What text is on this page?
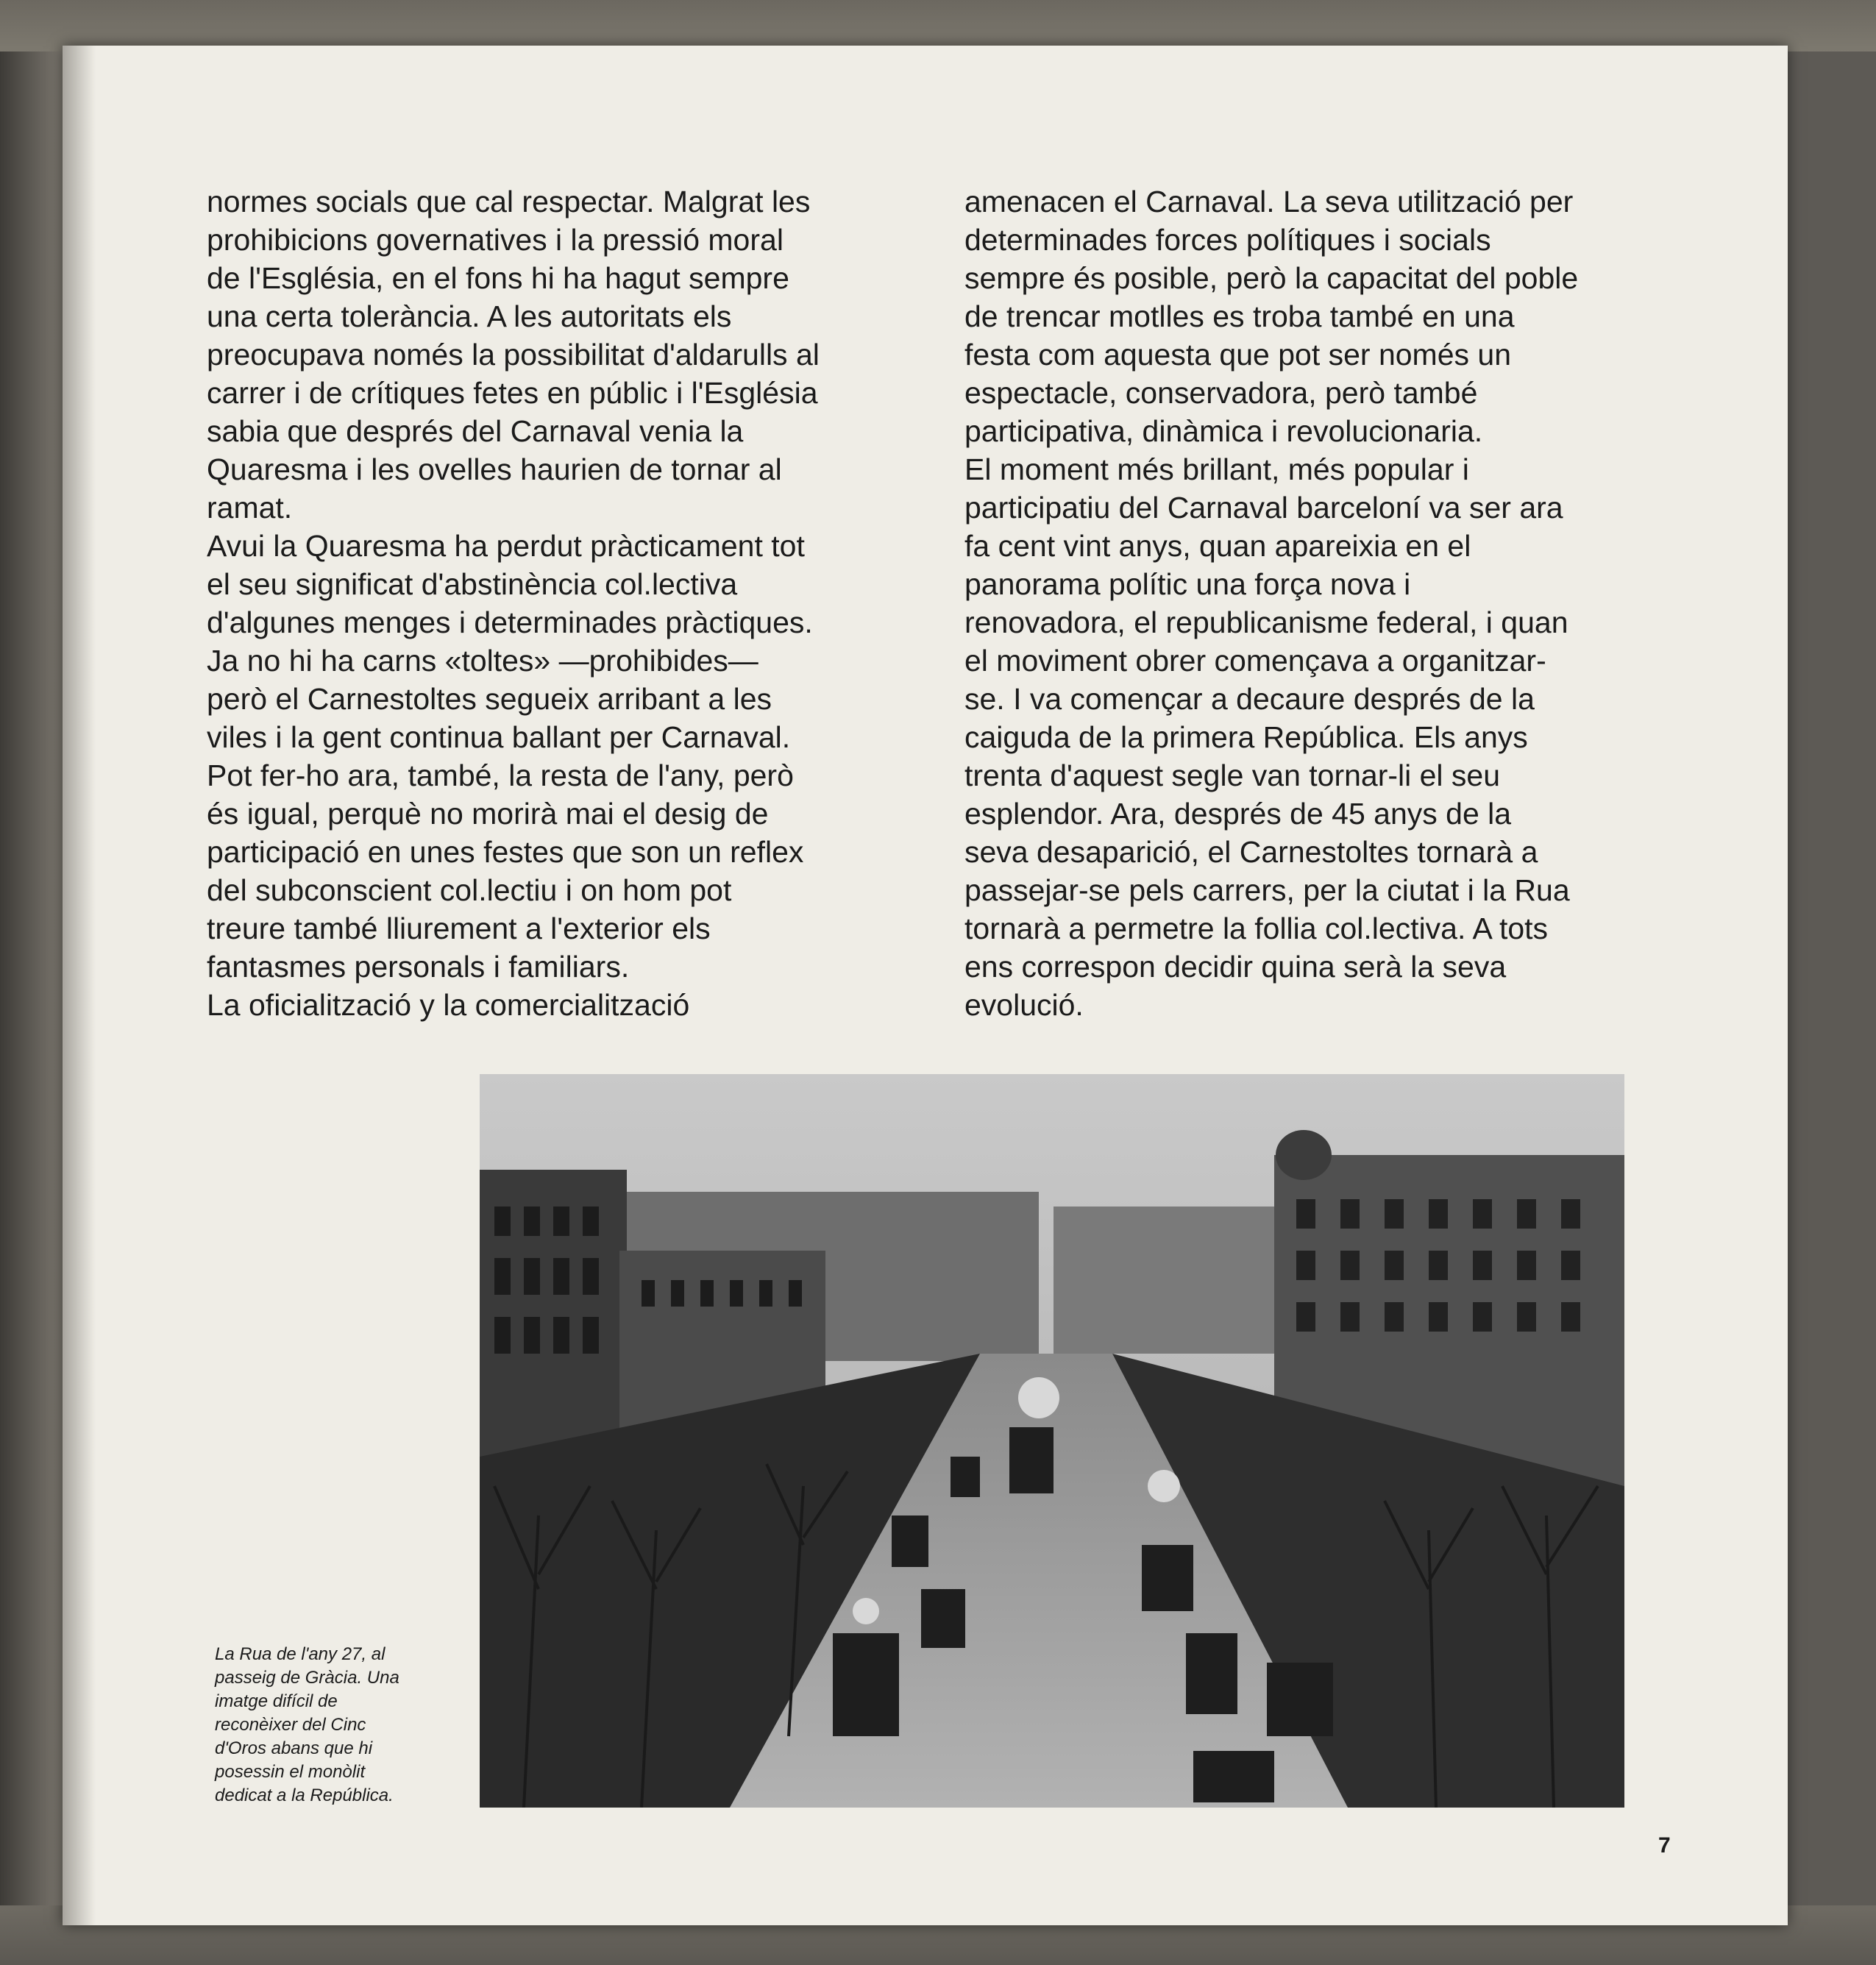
normes socials que cal respectar. Malgrat les
prohibicions governatives i la pressió moral
de l'Església, en el fons hi ha hagut sempre
una certa tolerància. A les autoritats els
preocupava només la possibilitat d'aldarulls al
carrer i de crítiques fetes en públic i l'Església
sabia que després del Carnaval venia la
Quaresma i les ovelles haurien de tornar al
ramat.

Avui la Quaresma ha perdut pràcticament tot
el seu significat d'abstinència col.lectiva
d'algunes menges i determinades pràctiques.
Ja no hi ha carns «toltes» —prohibides—
però el Carnestoltes segueix arribant a les
viles i la gent continua ballant per Carnaval.
Pot fer-ho ara, també, la resta de l'any, però
és igual, perquè no morirà mai el desig de
participació en unes festes que son un reflex
del subconscient col.lectiu i on hom pot
treure també lliurement a l'exterior els
fantasmes personals i familiars.

La oficialització y la comercialització

amenacen el Carnaval. La seva utilització per
determinades forces polítiques i socials
sempre és posible, però la capacitat del poble
de trencar motlles es troba també en una
festa com aquesta que pot ser només un
espectacle, conservadora, però també
participativa, dinàmica i revolucionaria.

El moment més brillant, més popular i
participatiu del Carnaval barceloní va ser ara
fa cent vint anys, quan apareixia en el
panorama polític una força nova i
renovadora, el republicanisme federal, i quan
el moviment obrer començava a organitzar-
se. I va començar a decaure després de la
caiguda de la primera República. Els anys
trenta d'aquest segle van tornar-li el seu
esplendor. Ara, després de 45 anys de la
seva desaparició, el Carnestoltes tornarà a
passejar-se pels carrers, per la ciutat i la Rua
tornarà a permetre la follia col.lectiva. A tots
ens correspon decidir quina serà la seva
evolució.

La Rua de l'any 27, al
passeig de Gràcia. Una
imatge difícil de
reconèixer del Cinc
d'Oros abans que hi
posessin el monòlit
dedicat a la República.

7
